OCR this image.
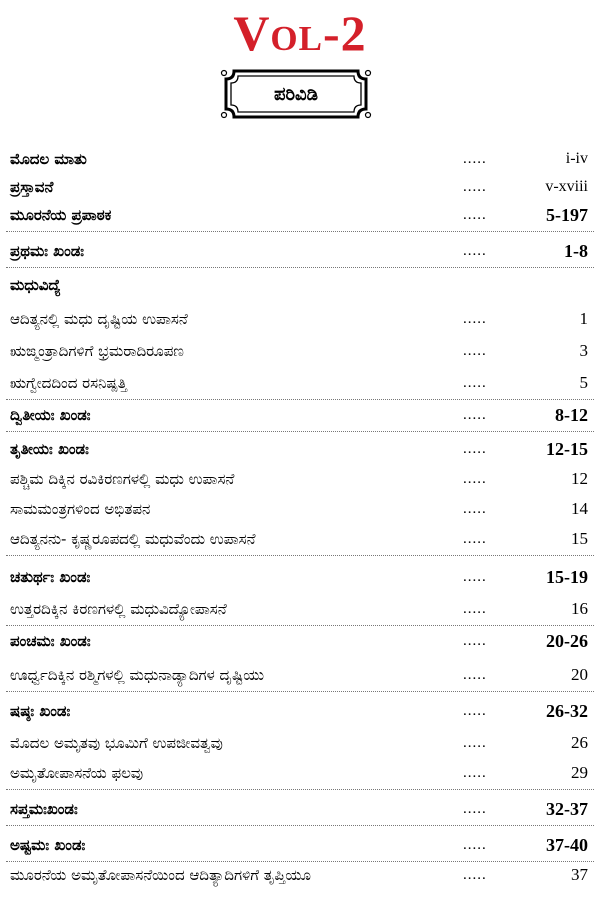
Vol-2
ಪರಿವಿಡಿ
ಮೊದಲ ಮಾತು	.....	i-iv
ಪ್ರಸ್ತಾವನೆ	.....	v-xviii
ಮೂರನೆಯ ಪ್ರಪಾಠಕ	.....	5-197
ಪ್ರಥಮಃ ಖಂಡಃ	.....	1-8
ಮಧುವಿದ್ಯೆ
ಆದಿತ್ಯನಲ್ಲಿ ಮಧು ದೃಷ್ಟಿಯ ಉಪಾಸನೆ	.....	1
ಋಙ್ಮಂತ್ರಾದಿಗಳಿಗೆ ಭ್ರಮರಾದಿರೂಪಣ	.....	3
ಋಗ್ವೇದದಿಂದ ರಸನಿಷ್ಪತ್ತಿ	.....	5
ದ್ವಿತೀಯಃ ಖಂಡಃ	.....	8-12
ತೃತೀಯಃ ಖಂಡಃ	.....	12-15
ಪಶ್ಚಿಮ ದಿಕ್ಕಿನ ರವಿಕಿರಣಗಳಲ್ಲಿ ಮಧು ಉಪಾಸನೆ	.....	12
ಸಾಮಮಂತ್ರಗಳಿಂದ ಅಭಿತಪನ	.....	14
ಆದಿತ್ಯನನು- ಕೃಷ್ಣರೂಪದಲ್ಲಿ ಮಧುವೆಂದು ಉಪಾಸನೆ	.....	15
ಚತುರ್ಥಃ ಖಂಡಃ	.....	15-19
ಉತ್ತರದಿಕ್ಕಿನ ಕಿರಣಗಳಲ್ಲಿ ಮಧುವಿದ್ಯೋಪಾಸನೆ	.....	16
ಪಂಚಮಃ ಖಂಡಃ	.....	20-26
ಊರ್ಧ್ವದಿಕ್ಕಿನ ರಶ್ಮಿಗಳಲ್ಲಿ ಮಧುನಾಡ್ಯಾದಿಗಳ ದೃಷ್ಟಿಯು	.....	20
ಷಷ್ಠಃ ಖಂಡಃ	.....	26-32
ಮೊದಲ ಅಮೃತವು ಭೂಮಿಗೆ ಉಪಜೀವತ್ವವು	.....	26
ಅಮೃತೋಪಾಸನೆಯ ಫಲವು	.....	29
ಸಪ್ತಮಃಖಂಡಃ	.....	32-37
ಅಷ್ಟಮಃ ಖಂಡಃ	.....	37-40
ಮೂರನೆಯ ಅಮೃತೋಪಾಸನೆಯಿಂದ ಆದಿತ್ಯಾದಿಗಳಿಗೆ ತೃಪ್ತಿಯೂ	.....	37
